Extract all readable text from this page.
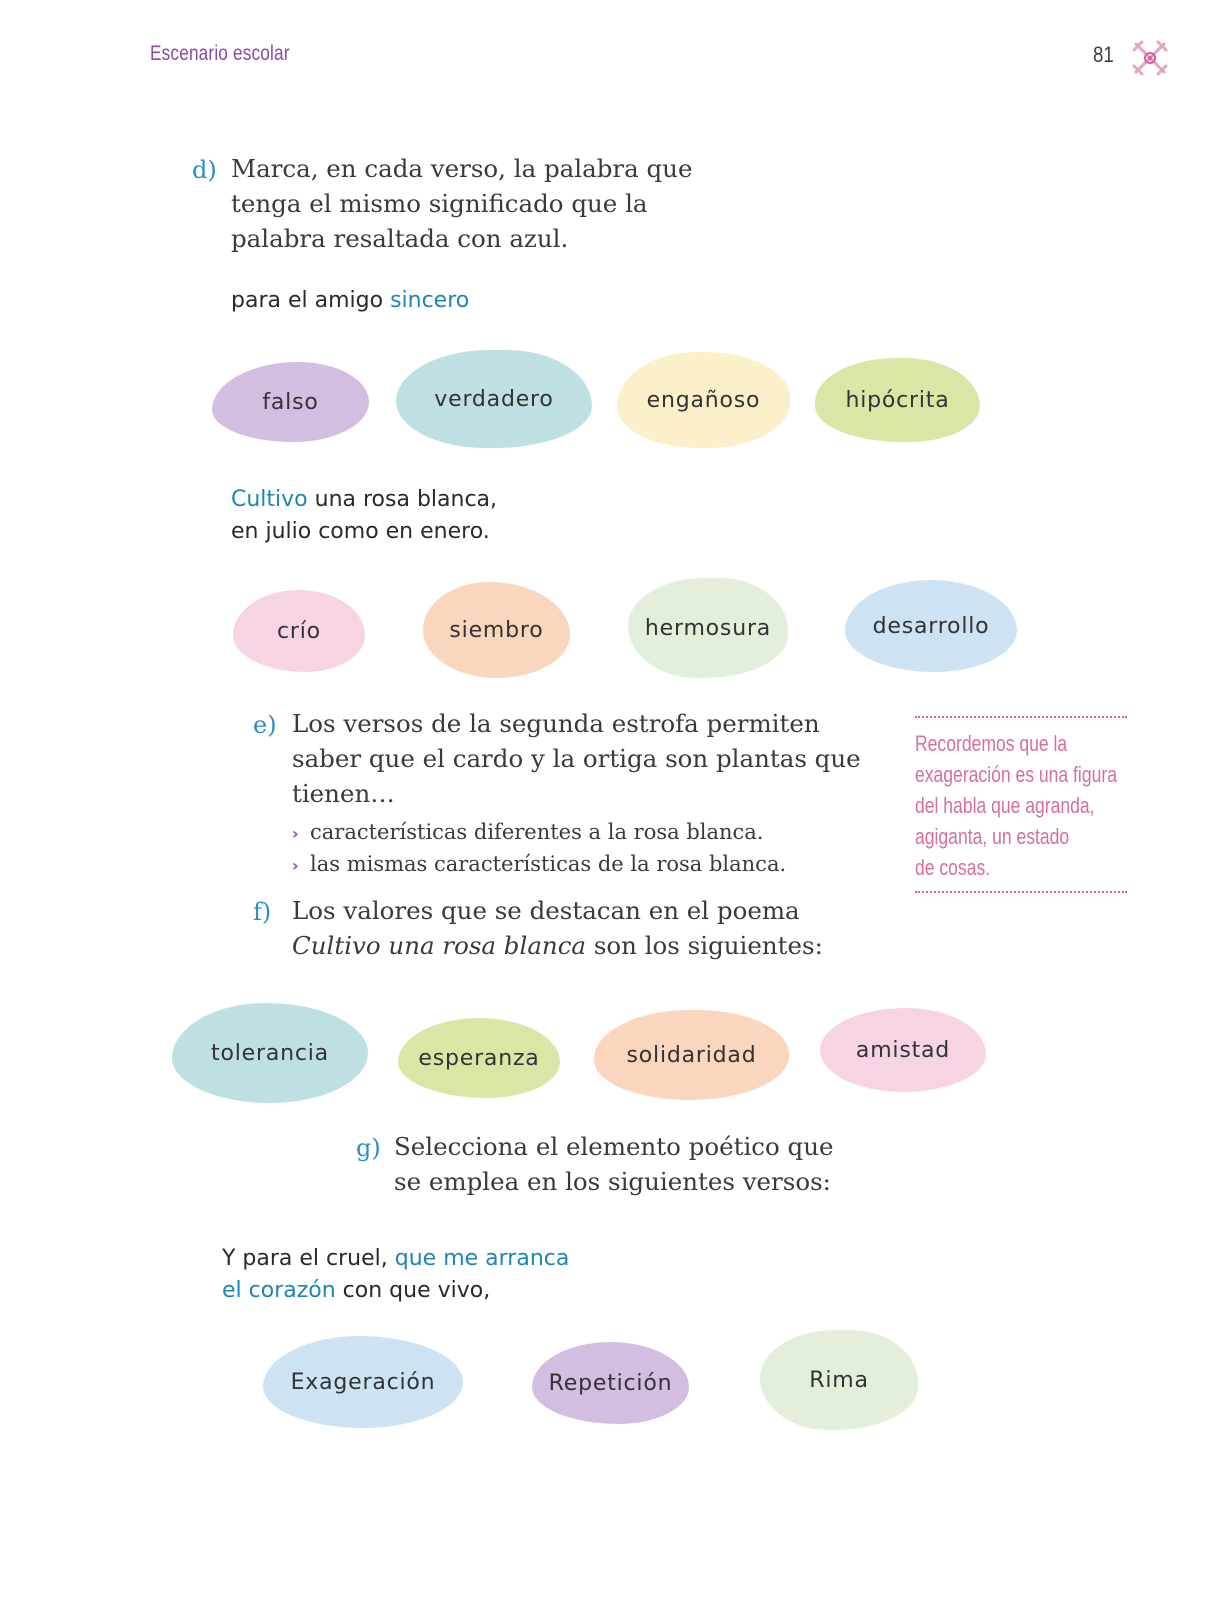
Escenario escolar	81
d) Marca, en cada verso, la palabra que
tenga el mismo significado que la
palabra resaltada con azul.
para el amigo sincero
falso	verdadero	engañoso	hipócrita
Cultivo una rosa blanca,
en julio como en enero.
crío	siembro	hermosura	desarrollo
e) Los versos de la segunda estrofa permiten
saber que el cardo y la ortiga son plantas que
tienen…
› características diferentes a la rosa blanca.
› las mismas características de la rosa blanca.
Recordemos que la
exageración es una figura
del habla que agranda,
agiganta, un estado
de cosas.
f) Los valores que se destacan en el poema
Cultivo una rosa blanca son los siguientes:
tolerancia	esperanza	solidaridad	amistad
g) Selecciona el elemento poético que
se emplea en los siguientes versos:
Y para el cruel, que me arranca
el corazón con que vivo,
Exageración	Repetición	Rima
